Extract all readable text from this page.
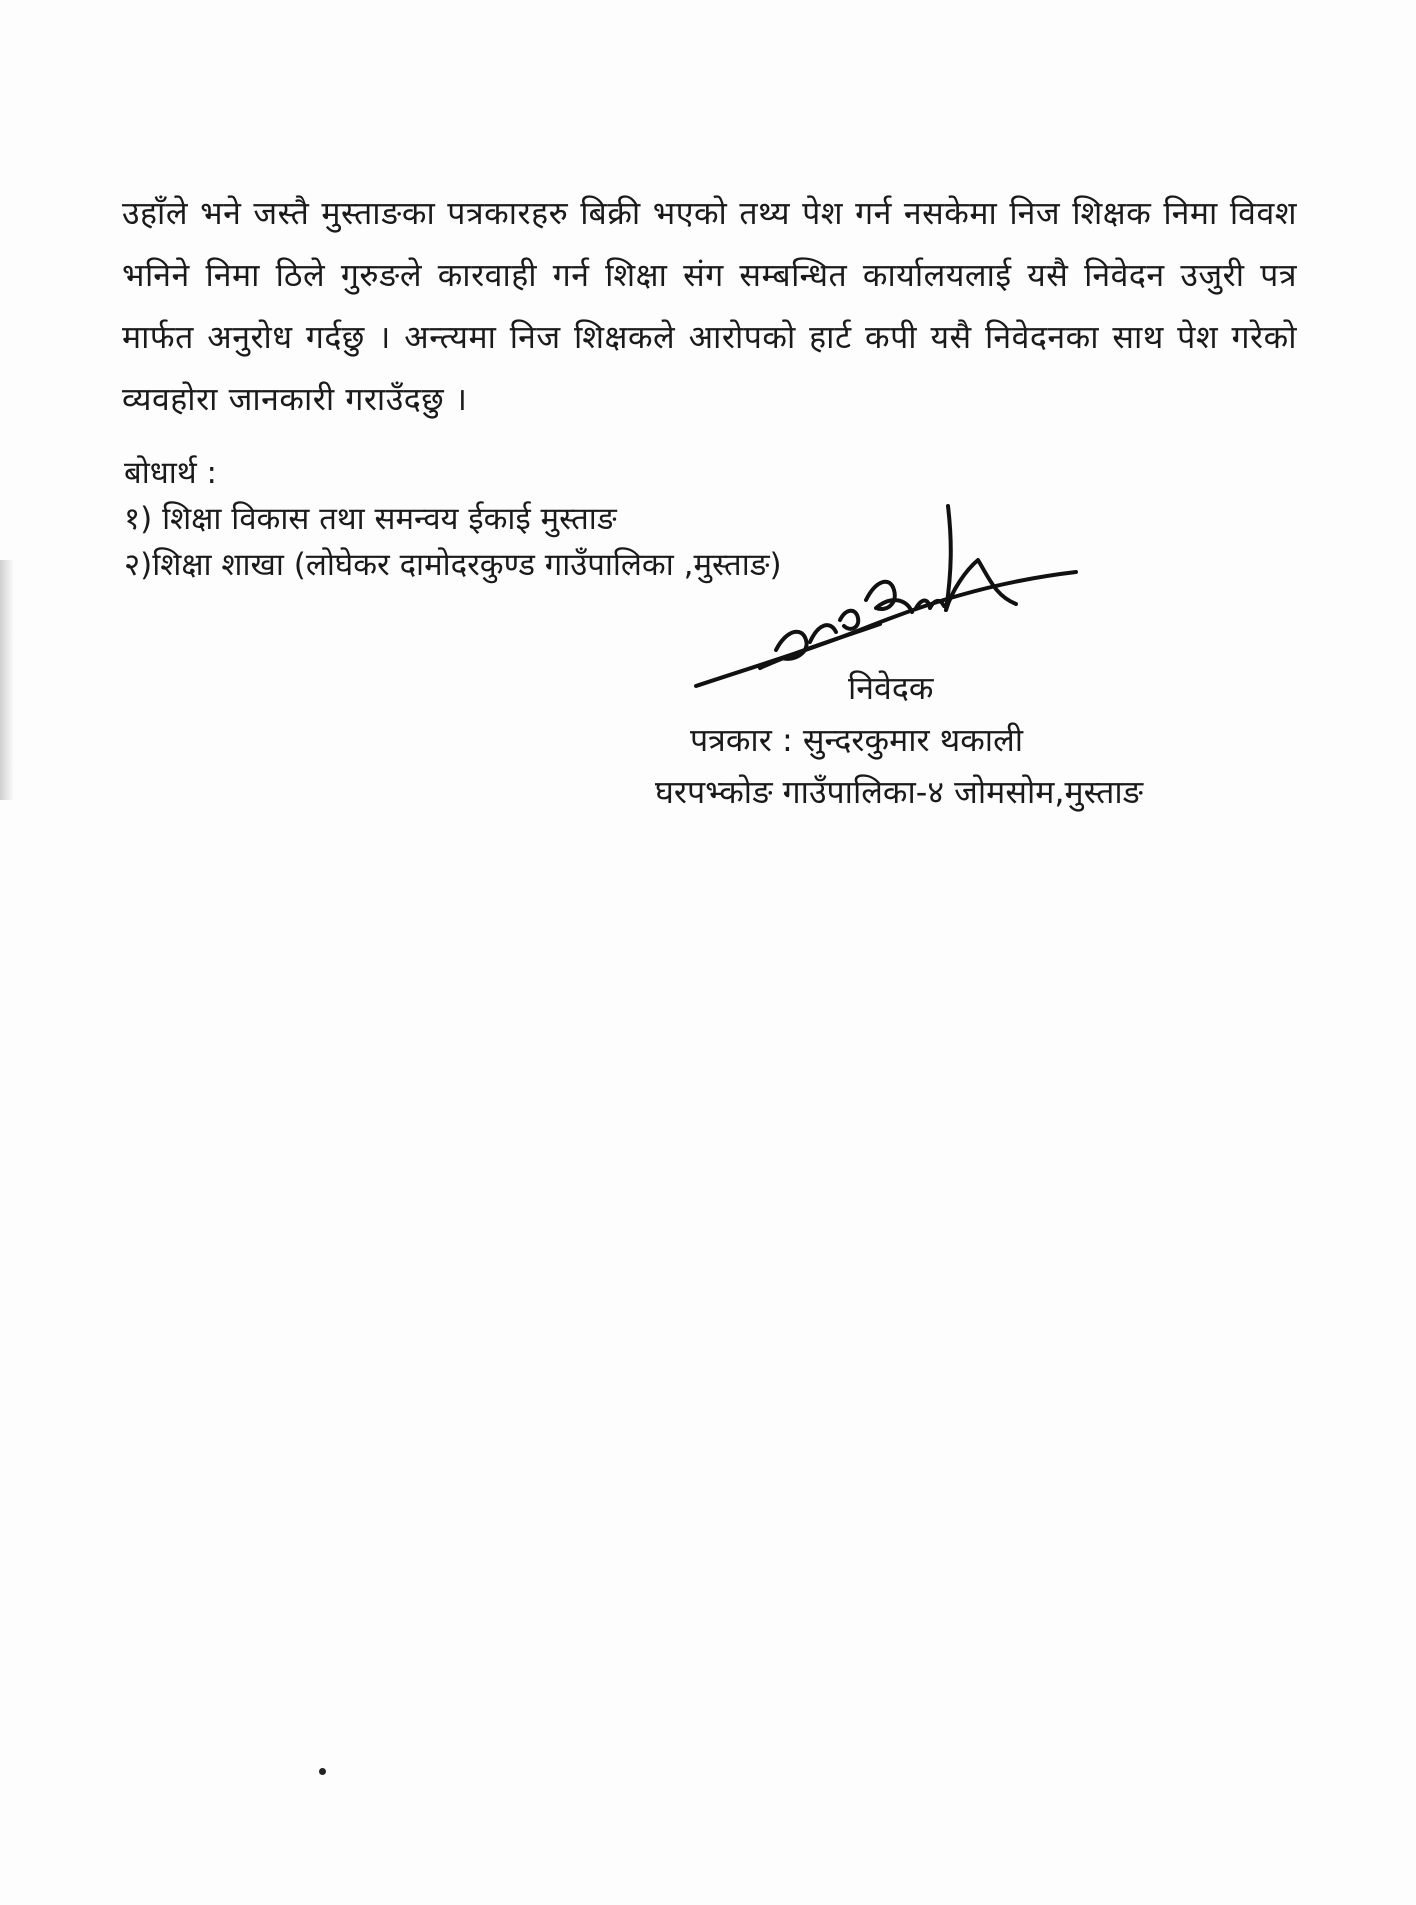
उहाँले भने जस्तै मुस्ताङका पत्रकारहरु बिक्री भएको तथ्य पेश गर्न नसकेमा निज शिक्षक निमा विवश भनिने निमा ठिले गुरुङले कारवाही गर्न शिक्षा संग सम्बन्धित कार्यालयलाई यसै निवेदन उजुरी पत्र मार्फत अनुरोध गर्दछु । अन्त्यमा निज शिक्षकले आरोपको हार्ट कपी यसै निवेदनका साथ पेश गरेको व्यवहोरा जानकारी गराउँदछु ।

बोधार्थ :
१) शिक्षा विकास तथा समन्वय ईकाई मुस्ताङ
२)शिक्षा शाखा (लोघेकर दामोदरकुण्ड गाउँपालिका ,मुस्ताङ)
निवेदक
पत्रकार : सुन्दरकुमार थकाली
घरपभ्कोङ गाउँपालिका-४ जोमसोम,मुस्ताङ
